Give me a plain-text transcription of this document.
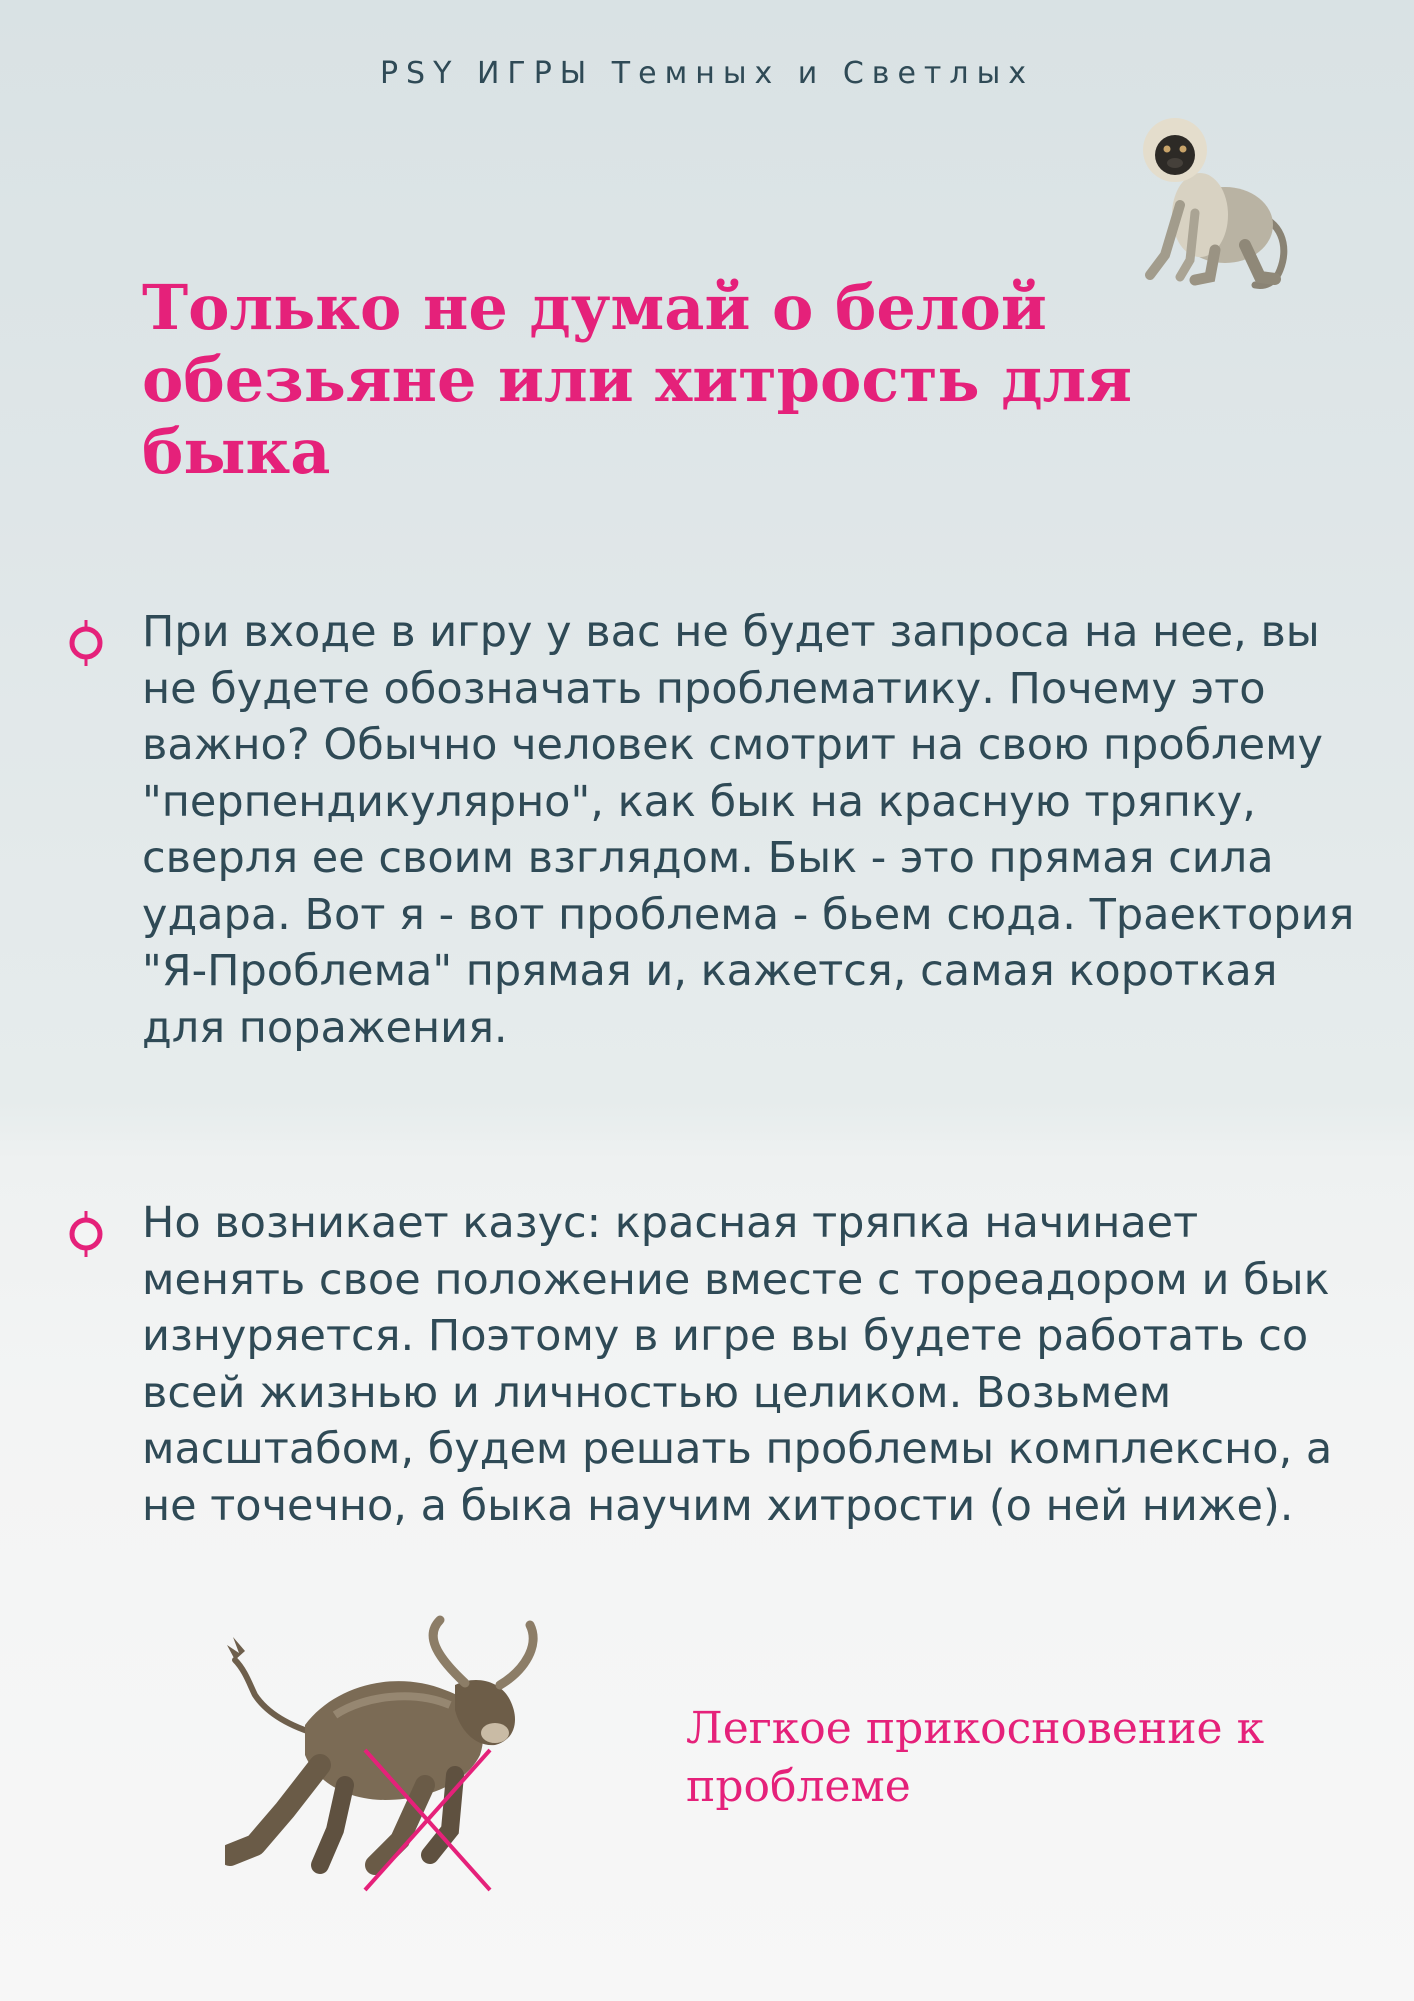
PSY ИГРЫ Темных и Светлых
Только не думай о белой обезьяне или хитрость для быка

При входе в игру у вас не будет запроса на нее, вы не будете обозначать проблематику. Почему это важно? Обычно человек смотрит на свою проблему "перпендикулярно", как бык на красную тряпку, сверля ее своим взглядом. Бык - это прямая сила удара. Вот я - вот проблема - бьем сюда. Траектория "Я-Проблема" прямая и, кажется, самая короткая для поражения.

Но возникает казус: красная тряпка начинает менять свое положение вместе с тореадором и бык изнуряется. Поэтому в игре вы будете работать со всей жизнью и личностью целиком. Возьмем масштабом, будем решать проблемы комплексно, а не точечно, а быка научим хитрости (о ней ниже).

Легкое прикосновение к проблеме
